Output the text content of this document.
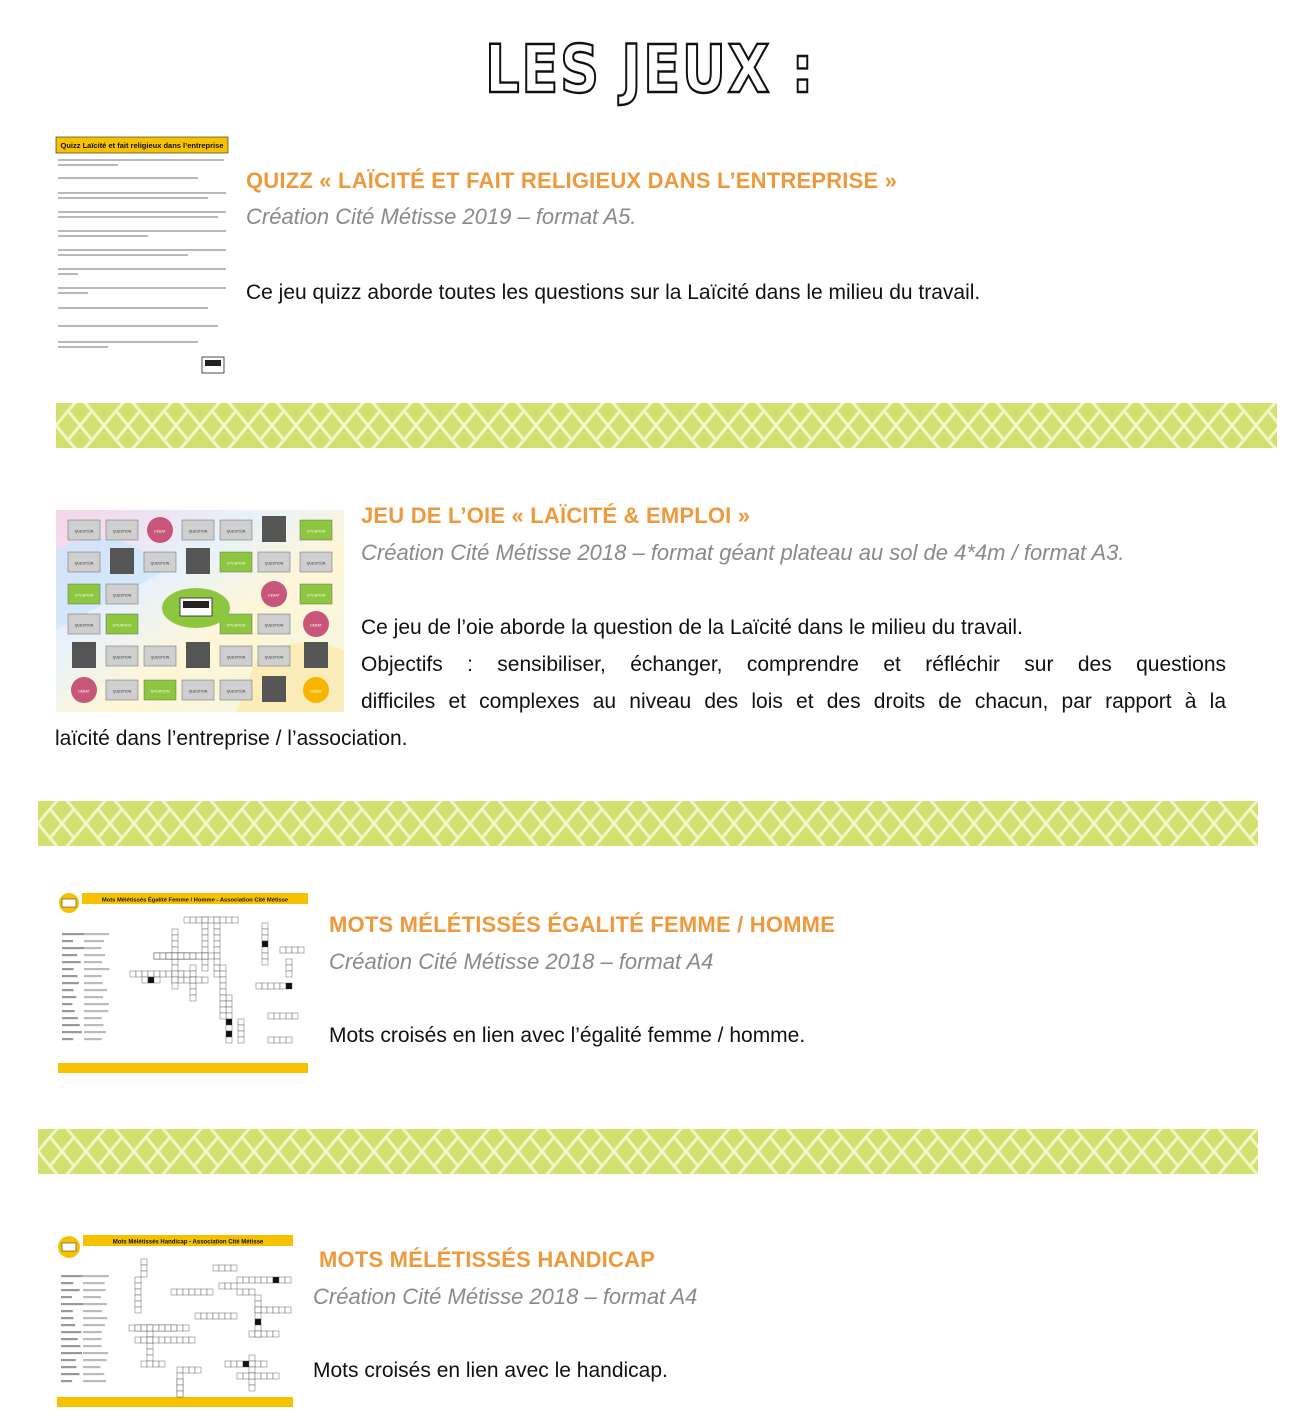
LES JEUX :
Quizz Laïcité et fait religieux dans l’entreprise
QUIZZ « LAÏCITÉ ET FAIT RELIGIEUX DANS L’ENTREPRISE »
Création Cité Métisse 2019 – format A5.
Ce jeu quizz aborde toutes les questions sur la Laïcité dans le milieu du travail.
QUESTION	QUESTION	DÉBAT	QUESTION	QUESTION	SITUATION
QUESTION	QUESTION	SITUATION	QUESTION	QUESTION
SITUATION	QUESTION	DÉBAT	SITUATION
QUESTION	SITUATION	SITUATION	QUESTION	DÉBAT
QUESTION	QUESTION	QUESTION	QUESTION
DÉBAT	QUESTION	SITUATION	QUESTION	QUESTION	DÉBAT
JEU DE L’OIE « LAÏCITÉ & EMPLOI »
Création Cité Métisse 2018 – format géant plateau au sol de 4*4m / format A3.
Ce jeu de l’oie aborde la question de la Laïcité dans le milieu du travail.
Objectifs : sensibiliser, échanger, comprendre et réfléchir sur des questions
difficiles et complexes au niveau des lois et des droits de chacun, par rapport à la
laïcité dans l’entreprise / l’association.
Mots Mélétissés Égalité Femme / Homme - Association Cité Métisse
MOTS MÉLÉTISSÉS ÉGALITÉ FEMME / HOMME
Création Cité Métisse 2018 – format A4
Mots croisés en lien avec l’égalité femme / homme.
Mots Mélétissés Handicap - Association Cité Métisse
MOTS MÉLÉTISSÉS HANDICAP
Création Cité Métisse 2018 – format A4
Mots croisés en lien avec le handicap.
